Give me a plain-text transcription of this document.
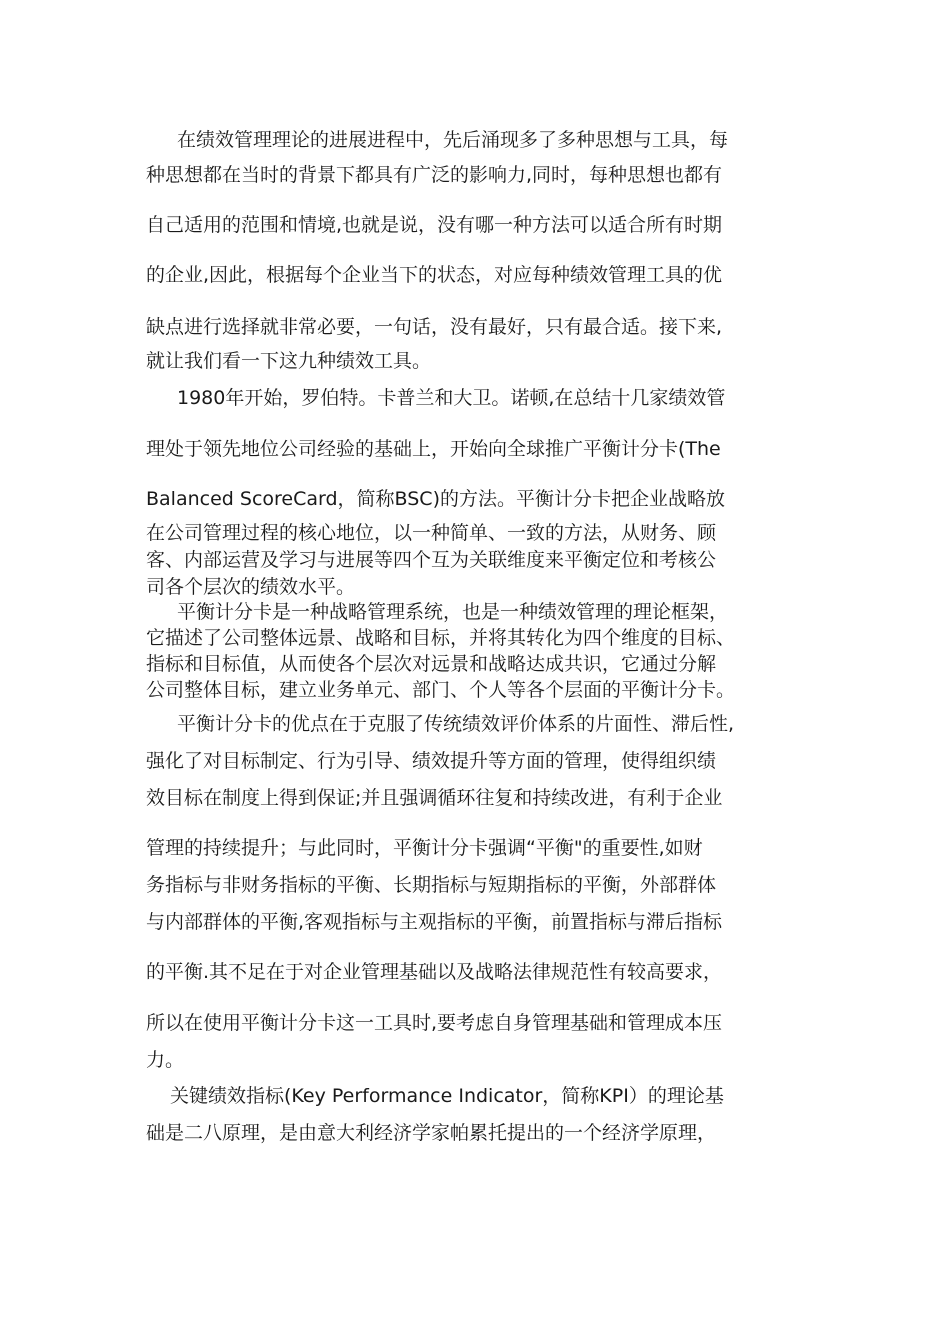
在绩效管理理论的进展进程中，先后涌现多了多种思想与工具，每
种思想都在当时的背景下都具有广泛的影响力,同时，每种思想也都有
自己适用的范围和情境,也就是说，没有哪一种方法可以适合所有时期
的企业,因此，根据每个企业当下的状态，对应每种绩效管理工具的优
缺点进行选择就非常必要，一句话，没有最好，只有最合适。接下来,
就让我们看一下这九种绩效工具。
1980年开始，罗伯特。卡普兰和大卫。诺顿,在总结十几家绩效管
理处于领先地位公司经验的基础上，开始向全球推广平衡计分卡(The
Balanced ScoreCard，简称BSC)的方法。平衡计分卡把企业战略放
在公司管理过程的核心地位，以一种简单、一致的方法，从财务、顾
客、内部运营及学习与进展等四个互为关联维度来平衡定位和考核公
司各个层次的绩效水平。
平衡计分卡是一种战略管理系统，也是一种绩效管理的理论框架，
它描述了公司整体远景、战略和目标，并将其转化为四个维度的目标、
指标和目标值，从而使各个层次对远景和战略达成共识，它通过分解
公司整体目标，建立业务单元、部门、个人等各个层面的平衡计分卡。
平衡计分卡的优点在于克服了传统绩效评价体系的片面性、滞后性,
强化了对目标制定、行为引导、绩效提升等方面的管理，使得组织绩
效目标在制度上得到保证;并且强调循环往复和持续改进，有利于企业
管理的持续提升；与此同时，平衡计分卡强调“平衡"的重要性,如财
务指标与非财务指标的平衡、长期指标与短期指标的平衡，外部群体
与内部群体的平衡,客观指标与主观指标的平衡，前置指标与滞后指标
的平衡.其不足在于对企业管理基础以及战略法律规范性有较高要求，
所以在使用平衡计分卡这一工具时,要考虑自身管理基础和管理成本压
力。
关键绩效指标(Key Performance Indicator，简称KPI）的理论基
础是二八原理，是由意大利经济学家帕累托提出的一个经济学原理，
